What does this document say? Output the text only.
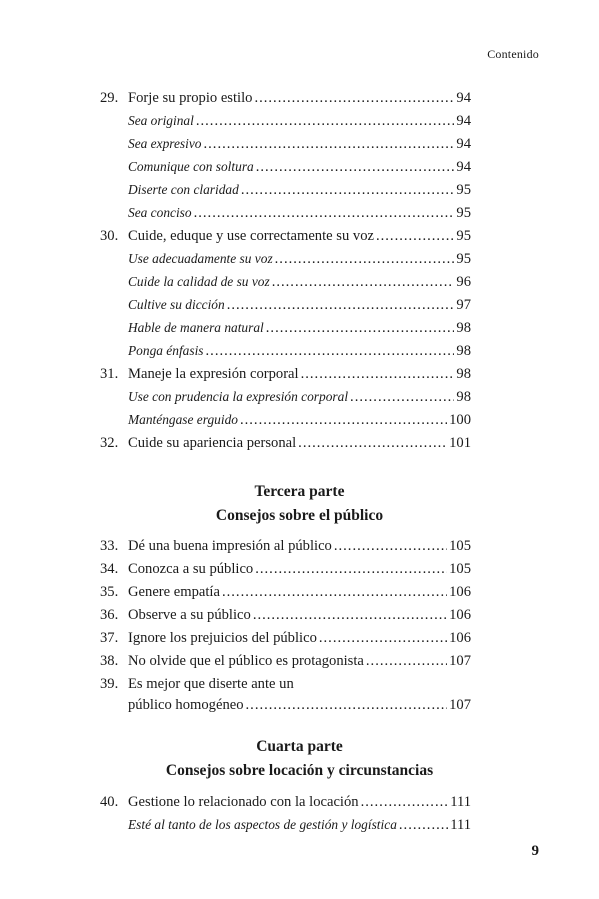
Contenido
29. Forje su propio estilo .....	94
Sea original .....	94
Sea expresivo .....	94
Comunique con soltura .....	94
Diserte con claridad .....	95
Sea conciso .....	95
30. Cuide, eduque y use correctamente su voz .....	95
Use adecuadamente su voz .....	95
Cuide la calidad de su voz .....	96
Cultive su dicción .....	97
Hable de manera natural .....	98
Ponga énfasis .....	98
31. Maneje la expresión corporal .....	98
Use con prudencia la expresión corporal .....	98
Manténgase erguido .....	100
32. Cuide su apariencia personal .....	101
Tercera parte
Consejos sobre el público
33. Dé una buena impresión al público .....	105
34. Conozca a su público .....	105
35. Genere empatía .....	106
36. Observe a su público .....	106
37. Ignore los prejuicios del público .....	106
38. No olvide que el público es protagonista .....	107
39. Es mejor que diserte ante un
público homogéneo .....	107
Cuarta parte
Consejos sobre locación y circunstancias
40. Gestione lo relacionado con la locación .....	111
Esté al tanto de los aspectos de gestión y logística .....	111
9
